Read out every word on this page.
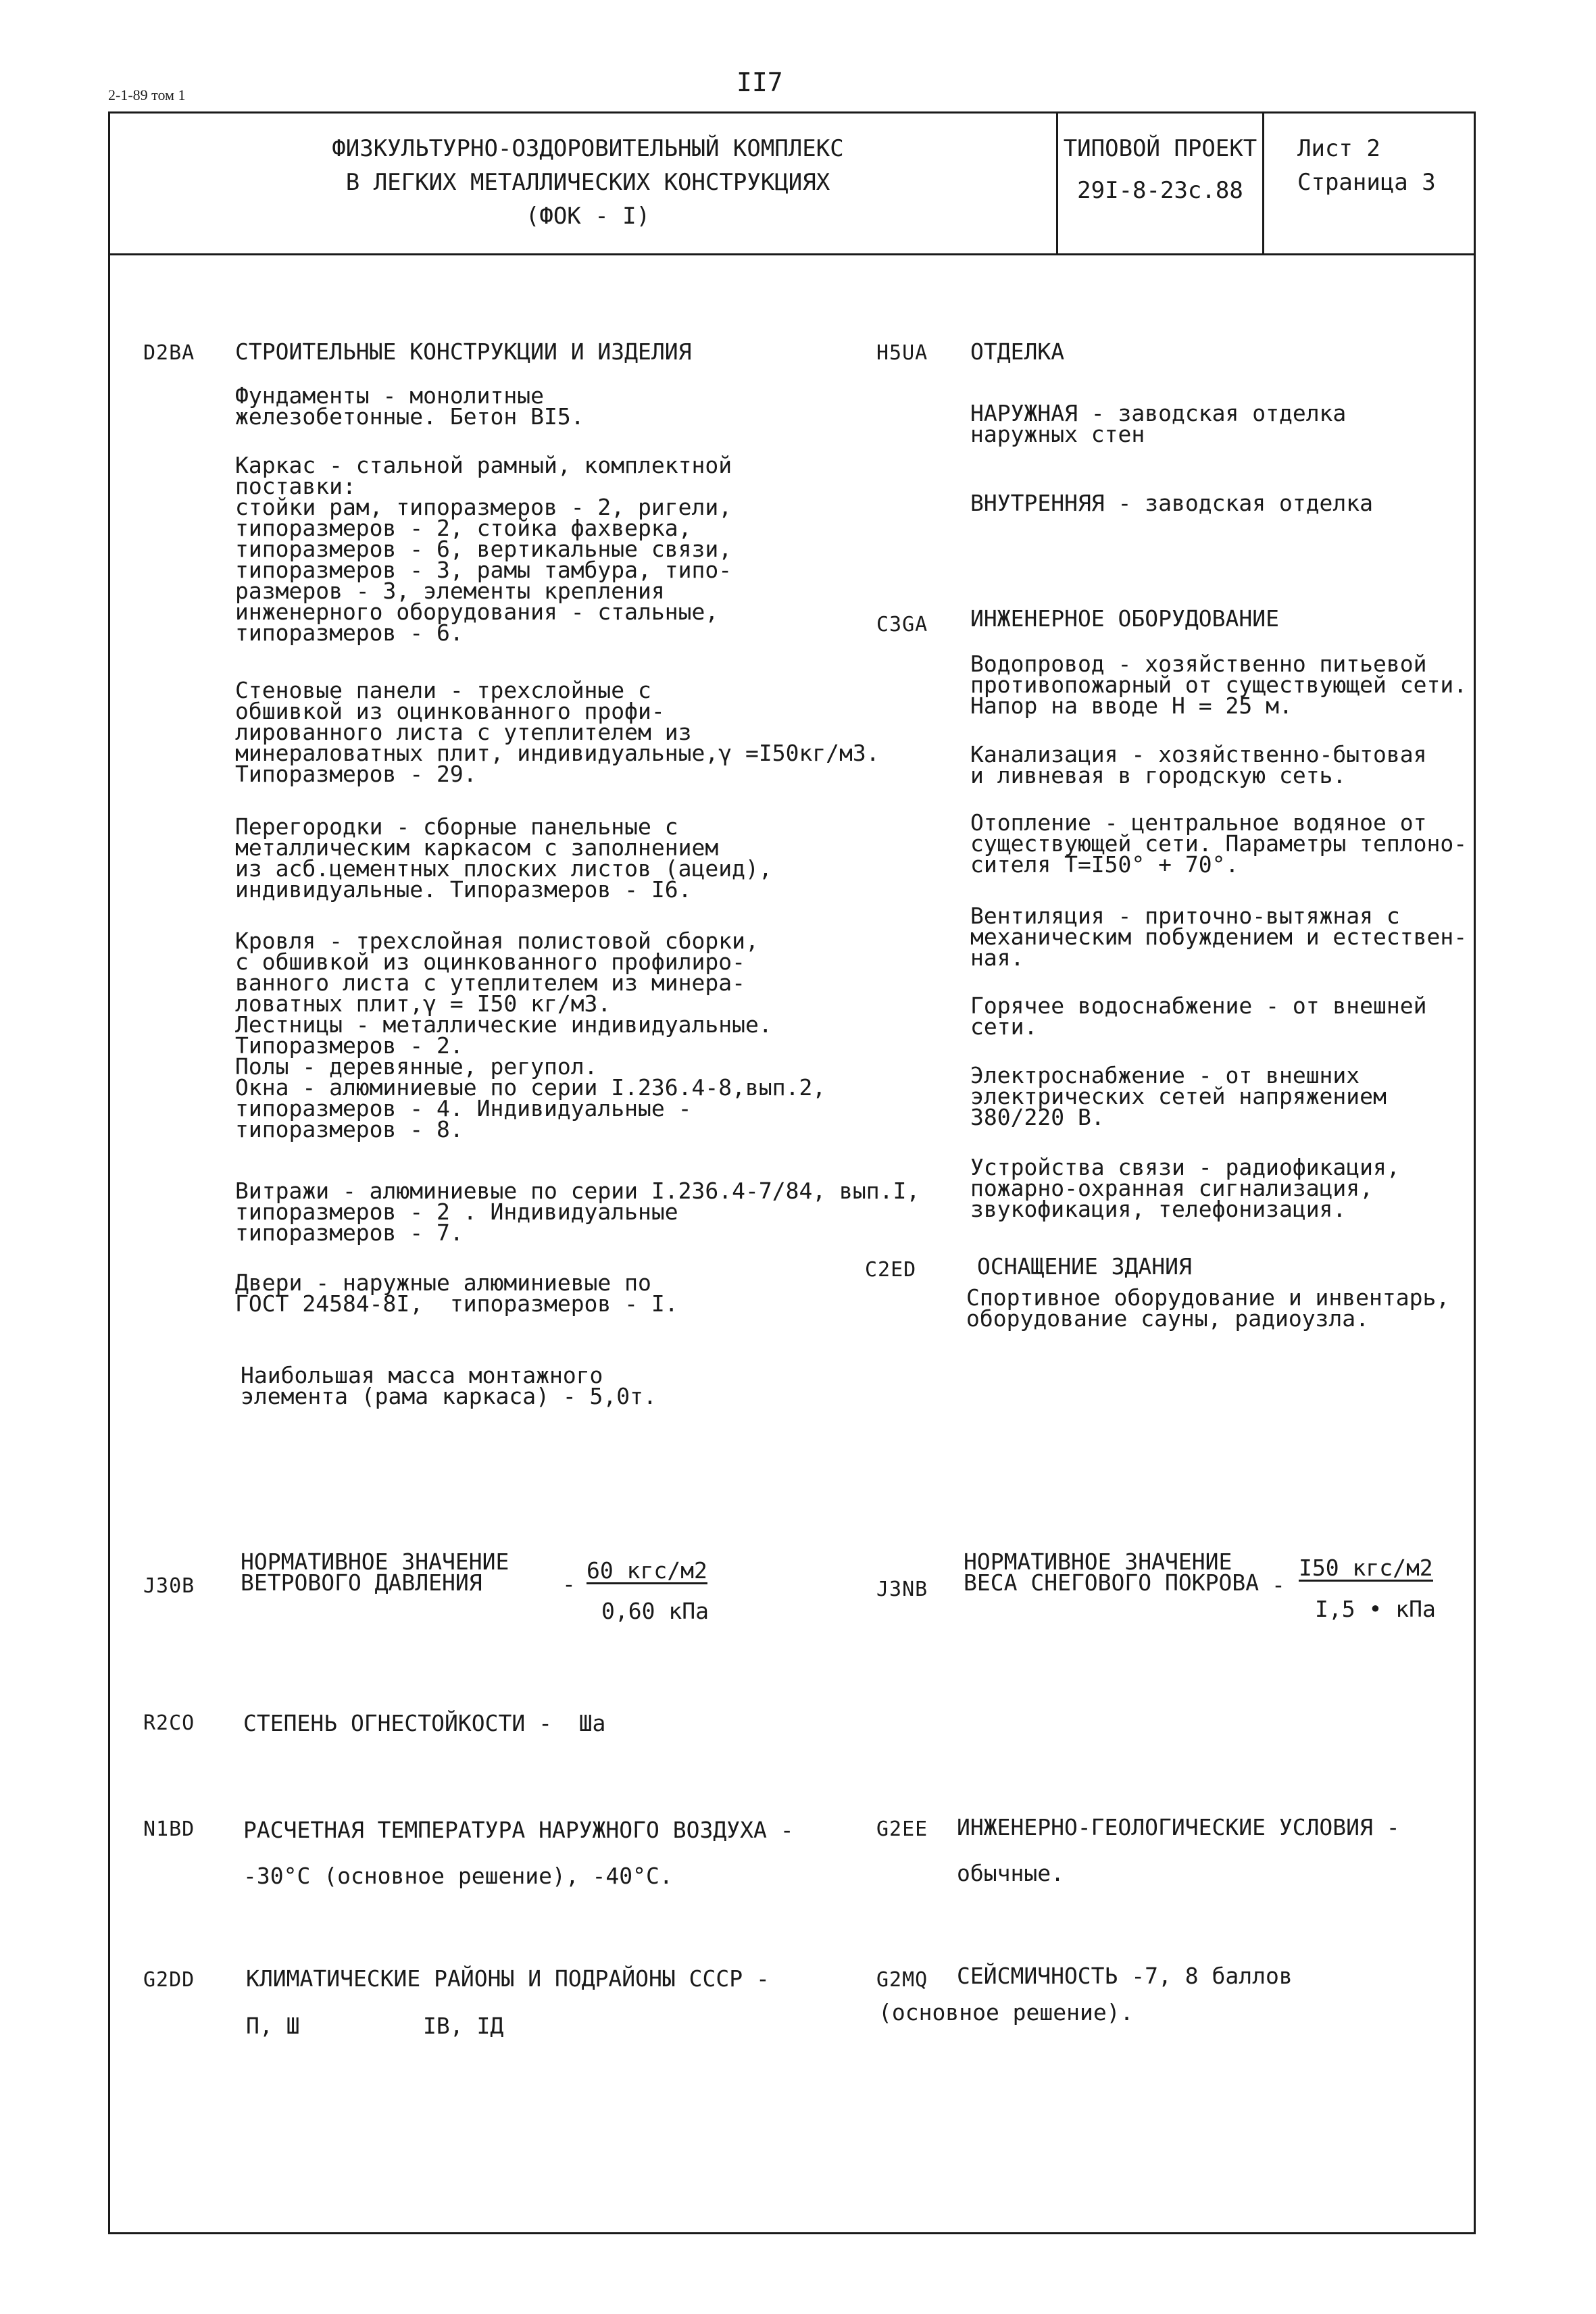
2-1-89 том 1	II7
ФИЗКУЛЬТУРНО-ОЗДОРОВИТЕЛЬНЫЙ КОМПЛЕКС
В ЛЕГКИХ МЕТАЛЛИЧЕСКИХ КОНСТРУКЦИЯХ
(ФОК - I)
ТИПОВОЙ ПРОЕКТ
29I-8-23с.88
Лист 2
Страница 3
D2BA СТРОИТЕЛЬНЫЕ КОНСТРУКЦИИ И ИЗДЕЛИЯ
Фундаменты - монолитные
железобетонные. Бетон ВI5.
Каркас - стальной рамный, комплектной
поставки:
стойки рам, типоразмеров - 2, ригели,
типоразмеров - 2, стойка фахверка,
типоразмеров - 6, вертикальные связи,
типоразмеров - 3, рамы тамбура, типо-
размеров - 3, элементы крепления
инженерного оборудования - стальные,
типоразмеров - 6.
Стеновые панели - трехслойные с
обшивкой из оцинкованного профи-
лированного листа с утеплителем из
минераловатных плит, индивидуальные,γ =I50кг/м3.
Типоразмеров - 29.
Перегородки - сборные панельные с
металлическим каркасом с заполнением
из асб.цементных плоских листов (ацеид),
индивидуальные. Типоразмеров - I6.
Кровля - трехслойная полистовой сборки,
с обшивкой из оцинкованного профилиро-
ванного листа с утеплителем из минера-
ловатных плит,γ = I50 кг/м3.
Лестницы - металлические индивидуальные.
Типоразмеров - 2.
Полы - деревянные, регупол.
Окна - алюминиевые по серии I.236.4-8,вып.2,
типоразмеров - 4. Индивидуальные -
типоразмеров - 8.
Витражи - алюминиевые по серии I.236.4-7/84, вып.I,
типоразмеров - 2 . Индивидуальные
типоразмеров - 7.
Двери - наружные алюминиевые по
ГОСТ 24584-8I,  типоразмеров - I.
Наибольшая масса монтажного
элемента (рама каркаса) - 5,0т.
H5UA ОТДЕЛКА
НАРУЖНАЯ - заводская отделка
наружных стен
ВНУТРЕННЯЯ - заводская отделка
C3GA ИНЖЕНЕРНОЕ ОБОРУДОВАНИЕ
Водопровод - хозяйственно питьевой
противопожарный от существующей сети.
Напор на вводе Н = 25 м.
Канализация - хозяйственно-бытовая
и ливневая в городскую сеть.
Отопление - центральное водяное от
существующей сети. Параметры теплоно-
сителя Т=I50° + 70°.
Вентиляция - приточно-вытяжная с
механическим побуждением и естествен-
ная.
Горячее водоснабжение - от внешней
сети.
Электроснабжение - от внешних
электрических сетей напряжением
380/220 В.
Устройства связи - радиофикация,
пожарно-охранная сигнализация,
звукофикация, телефонизация.
C2ED	ОСНАЩЕНИЕ ЗДАНИЯ
Спортивное оборудование и инвентарь,
оборудование сауны, радиоузла.
J30B
НОРМАТИВНОЕ ЗНАЧЕНИЕ
ВЕТРОВОГО ДАВЛЕНИЯ	-
60 кгс/м2
0,60 кПа
J3NB
НОРМАТИВНОЕ ЗНАЧЕНИЕ
ВЕСА СНЕГОВОГО ПОКРОВА -
I50 кгс/м2
I,5 • кПа
R2CO СТЕПЕНЬ ОГНЕСТОЙКОСТИ -  Шa
N1BD РАСЧЕТНАЯ ТЕМПЕРАТУРА НАРУЖНОГО ВОЗДУХА -
-30°С (основное решение), -40°С.
G2EE ИНЖЕНЕРНО-ГЕОЛОГИЧЕСКИЕ УСЛОВИЯ -
обычные.
G2DD КЛИМАТИЧЕСКИЕ РАЙОНЫ И ПОДРАЙОНЫ СССР -
П, Ш	IВ, IД
G2MQ СЕЙСМИЧНОСТЬ -7, 8 баллов
(основное решение).
